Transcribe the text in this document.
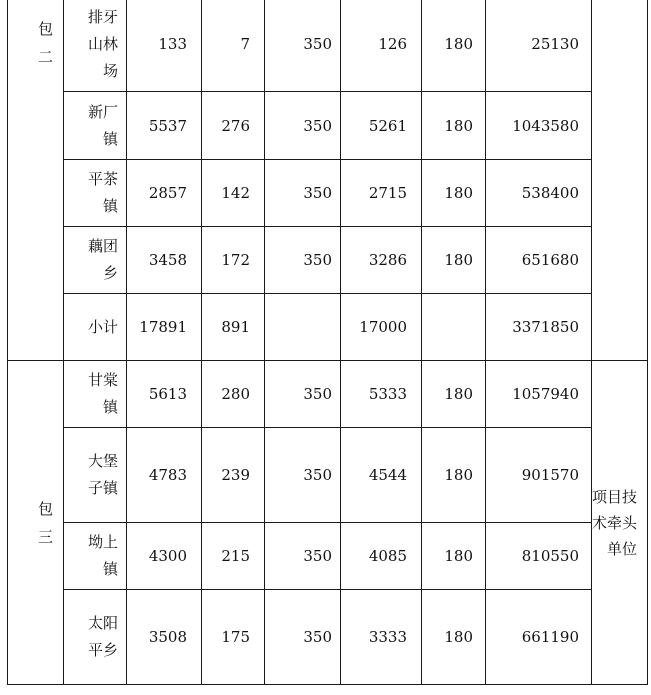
包二	排牙山林场	133	7	350	126	180	25130	
	新厂镇	5537	276	350	5261	180	1043580	
	平茶镇	2857	142	350	2715	180	538400	
	藕团乡	3458	172	350	3286	180	651680	
	小计	17891	891		17000		3371850	
包三	甘棠镇	5613	280	350	5333	180	1057940	项目技术牵头单位
	大堡子镇	4783	239	350	4544	180	901570	
	坳上镇	4300	215	350	4085	180	810550	
	太阳平乡	3508	175	350	3333	180	661190	
